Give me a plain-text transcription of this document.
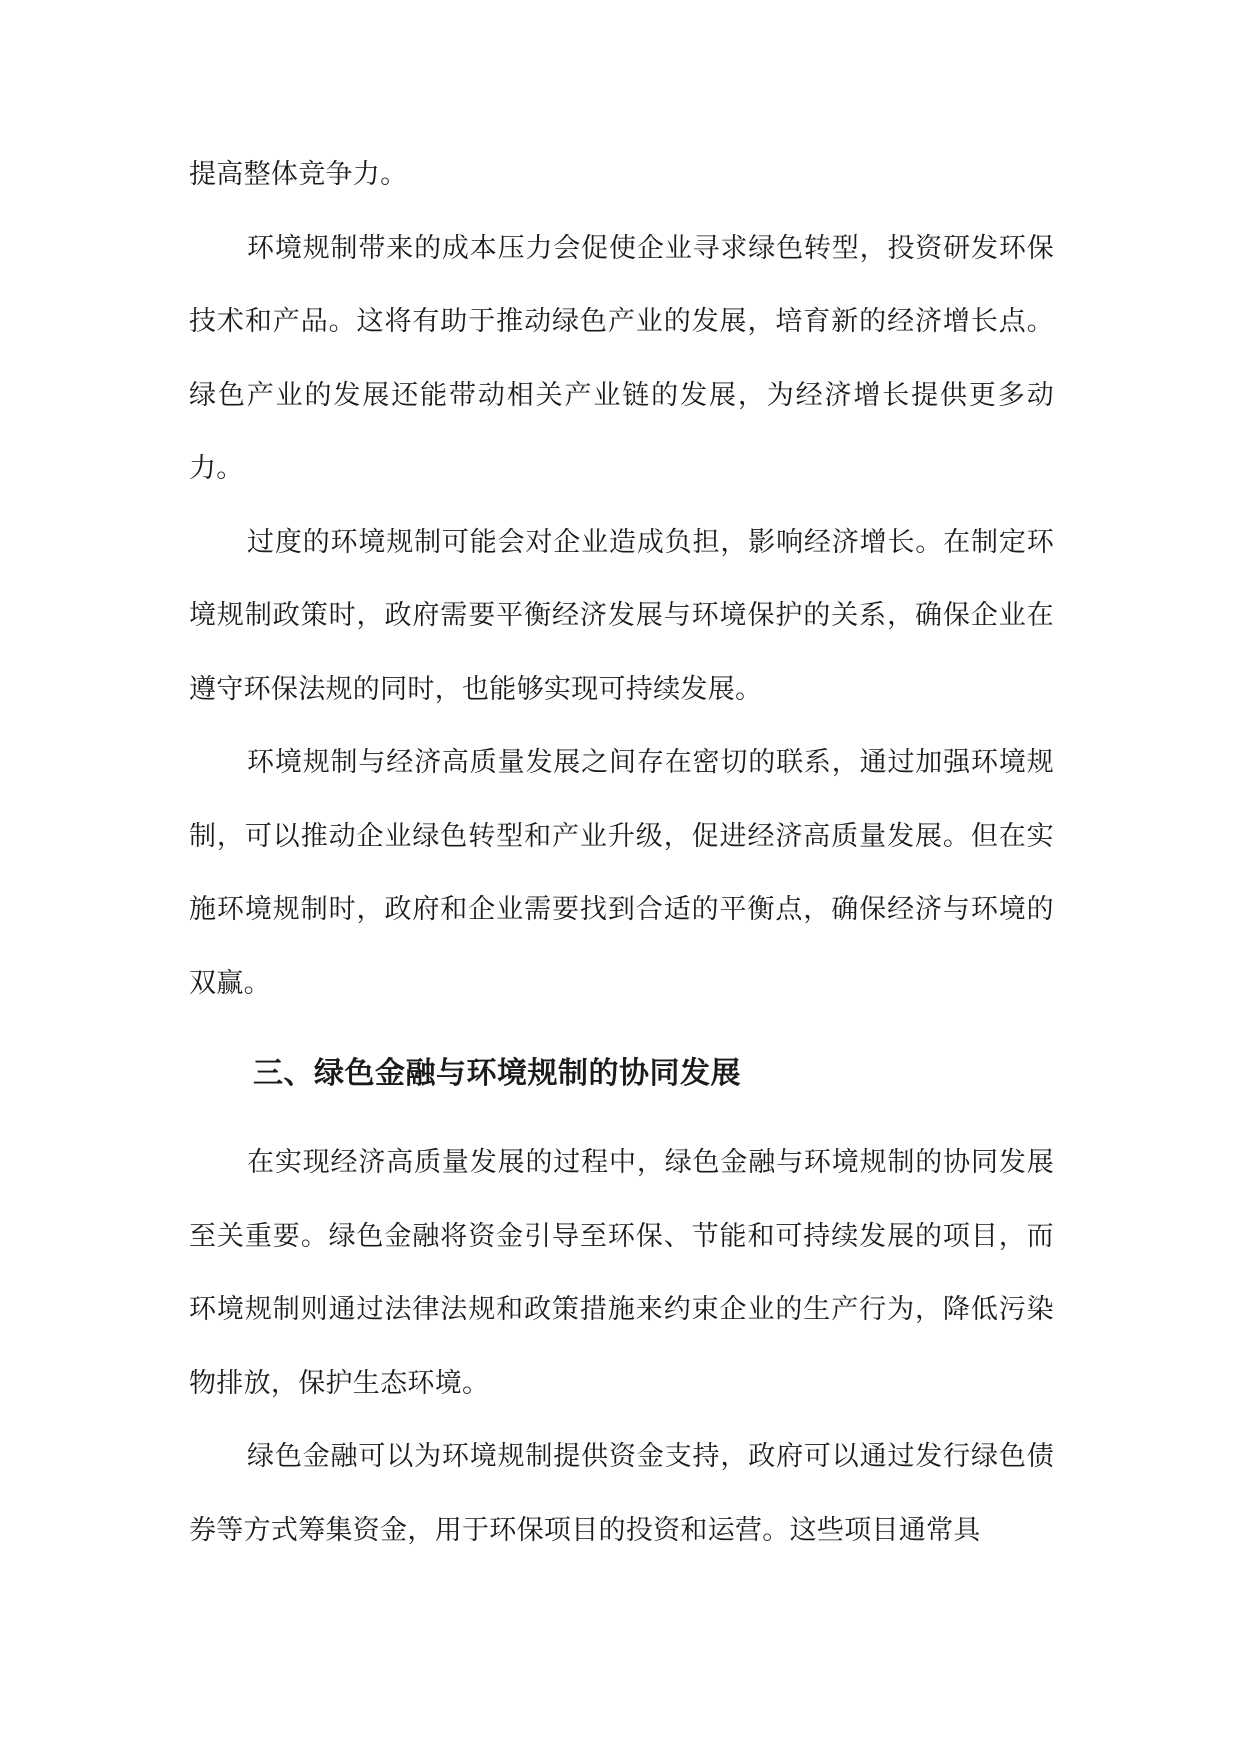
提高整体竞争力。

环境规制带来的成本压力会促使企业寻求绿色转型，投资研发环保技术和产品。这将有助于推动绿色产业的发展，培育新的经济增长点。绿色产业的发展还能带动相关产业链的发展，为经济增长提供更多动力。

过度的环境规制可能会对企业造成负担，影响经济增长。在制定环境规制政策时，政府需要平衡经济发展与环境保护的关系，确保企业在遵守环保法规的同时，也能够实现可持续发展。

环境规制与经济高质量发展之间存在密切的联系，通过加强环境规制，可以推动企业绿色转型和产业升级，促进经济高质量发展。但在实施环境规制时，政府和企业需要找到合适的平衡点，确保经济与环境的双赢。

三、绿色金融与环境规制的协同发展

在实现经济高质量发展的过程中，绿色金融与环境规制的协同发展至关重要。绿色金融将资金引导至环保、节能和可持续发展的项目，而环境规制则通过法律法规和政策措施来约束企业的生产行为，降低污染物排放，保护生态环境。

绿色金融可以为环境规制提供资金支持，政府可以通过发行绿色债券等方式筹集资金，用于环保项目的投资和运营。这些项目通常具
